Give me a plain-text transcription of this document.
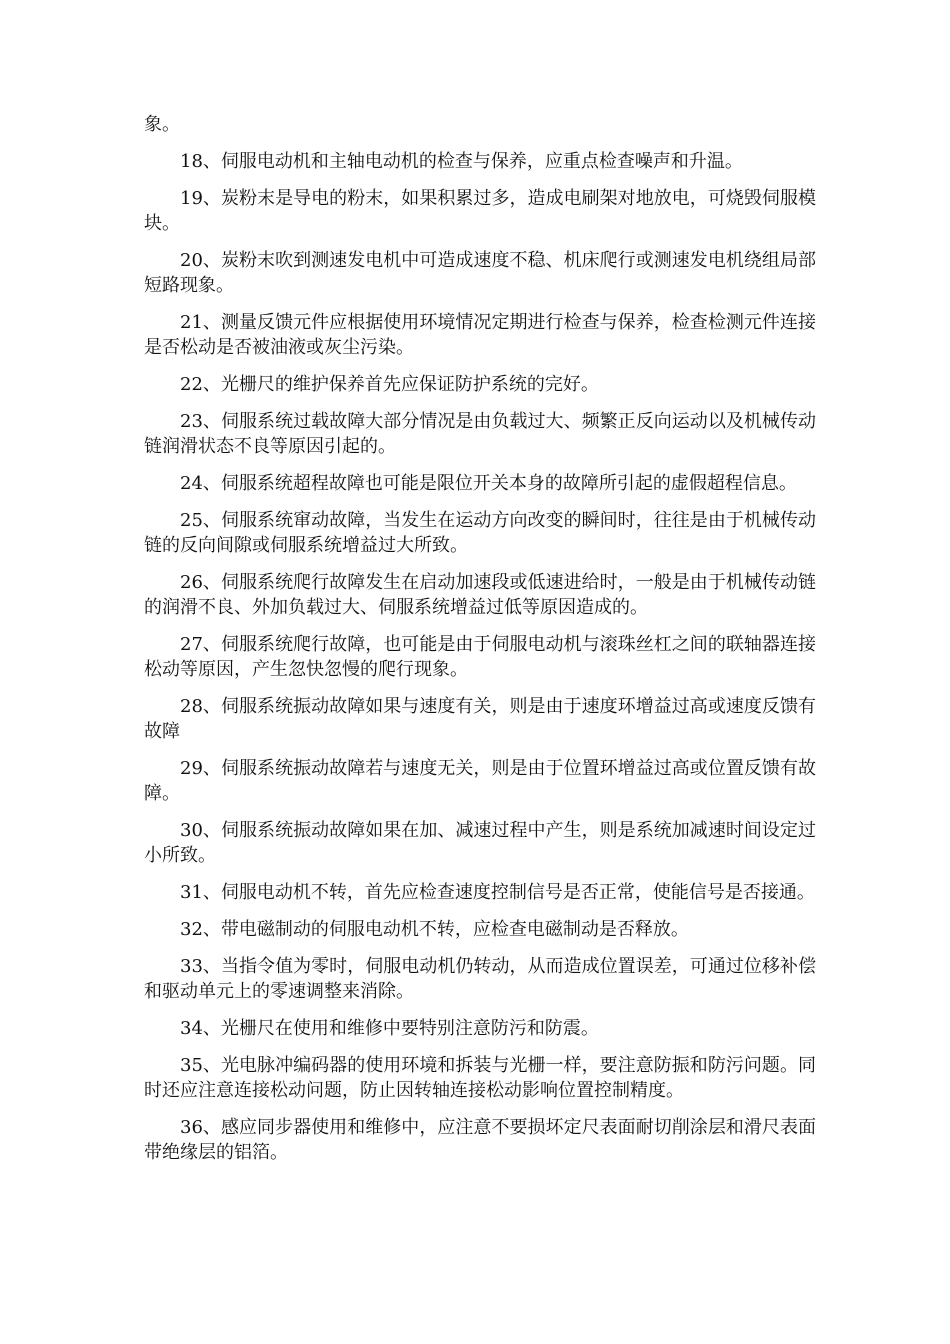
象。

18、伺服电动机和主轴电动机的检查与保养，应重点检查噪声和升温。

19、炭粉末是导电的粉末，如果积累过多，造成电刷架对地放电，可烧毁伺服模块。

20、炭粉末吹到测速发电机中可造成速度不稳、机床爬行或测速发电机绕组局部短路现象。

21、测量反馈元件应根据使用环境情况定期进行检查与保养，检查检测元件连接是否松动是否被油液或灰尘污染。

22、光栅尺的维护保养首先应保证防护系统的完好。

23、伺服系统过载故障大部分情况是由负载过大、频繁正反向运动以及机械传动链润滑状态不良等原因引起的。

24、伺服系统超程故障也可能是限位开关本身的故障所引起的虚假超程信息。

25、伺服系统窜动故障，当发生在运动方向改变的瞬间时，往往是由于机械传动链的反向间隙或伺服系统增益过大所致。

26、伺服系统爬行故障发生在启动加速段或低速进给时，一般是由于机械传动链的润滑不良、外加负载过大、伺服系统增益过低等原因造成的。

27、伺服系统爬行故障，也可能是由于伺服电动机与滚珠丝杠之间的联轴器连接松动等原因，产生忽快忽慢的爬行现象。

28、伺服系统振动故障如果与速度有关，则是由于速度环增益过高或速度反馈有故障

29、伺服系统振动故障若与速度无关，则是由于位置环增益过高或位置反馈有故障。

30、伺服系统振动故障如果在加、减速过程中产生，则是系统加减速时间设定过小所致。

31、伺服电动机不转，首先应检查速度控制信号是否正常，使能信号是否接通。

32、带电磁制动的伺服电动机不转，应检查电磁制动是否释放。

33、当指令值为零时，伺服电动机仍转动，从而造成位置误差，可通过位移补偿和驱动单元上的零速调整来消除。

34、光栅尺在使用和维修中要特别注意防污和防震。

35、光电脉冲编码器的使用环境和拆装与光栅一样，要注意防振和防污问题。同时还应注意连接松动问题，防止因转轴连接松动影响位置控制精度。

36、感应同步器使用和维修中，应注意不要损坏定尺表面耐切削涂层和滑尺表面带绝缘层的铝箔。
